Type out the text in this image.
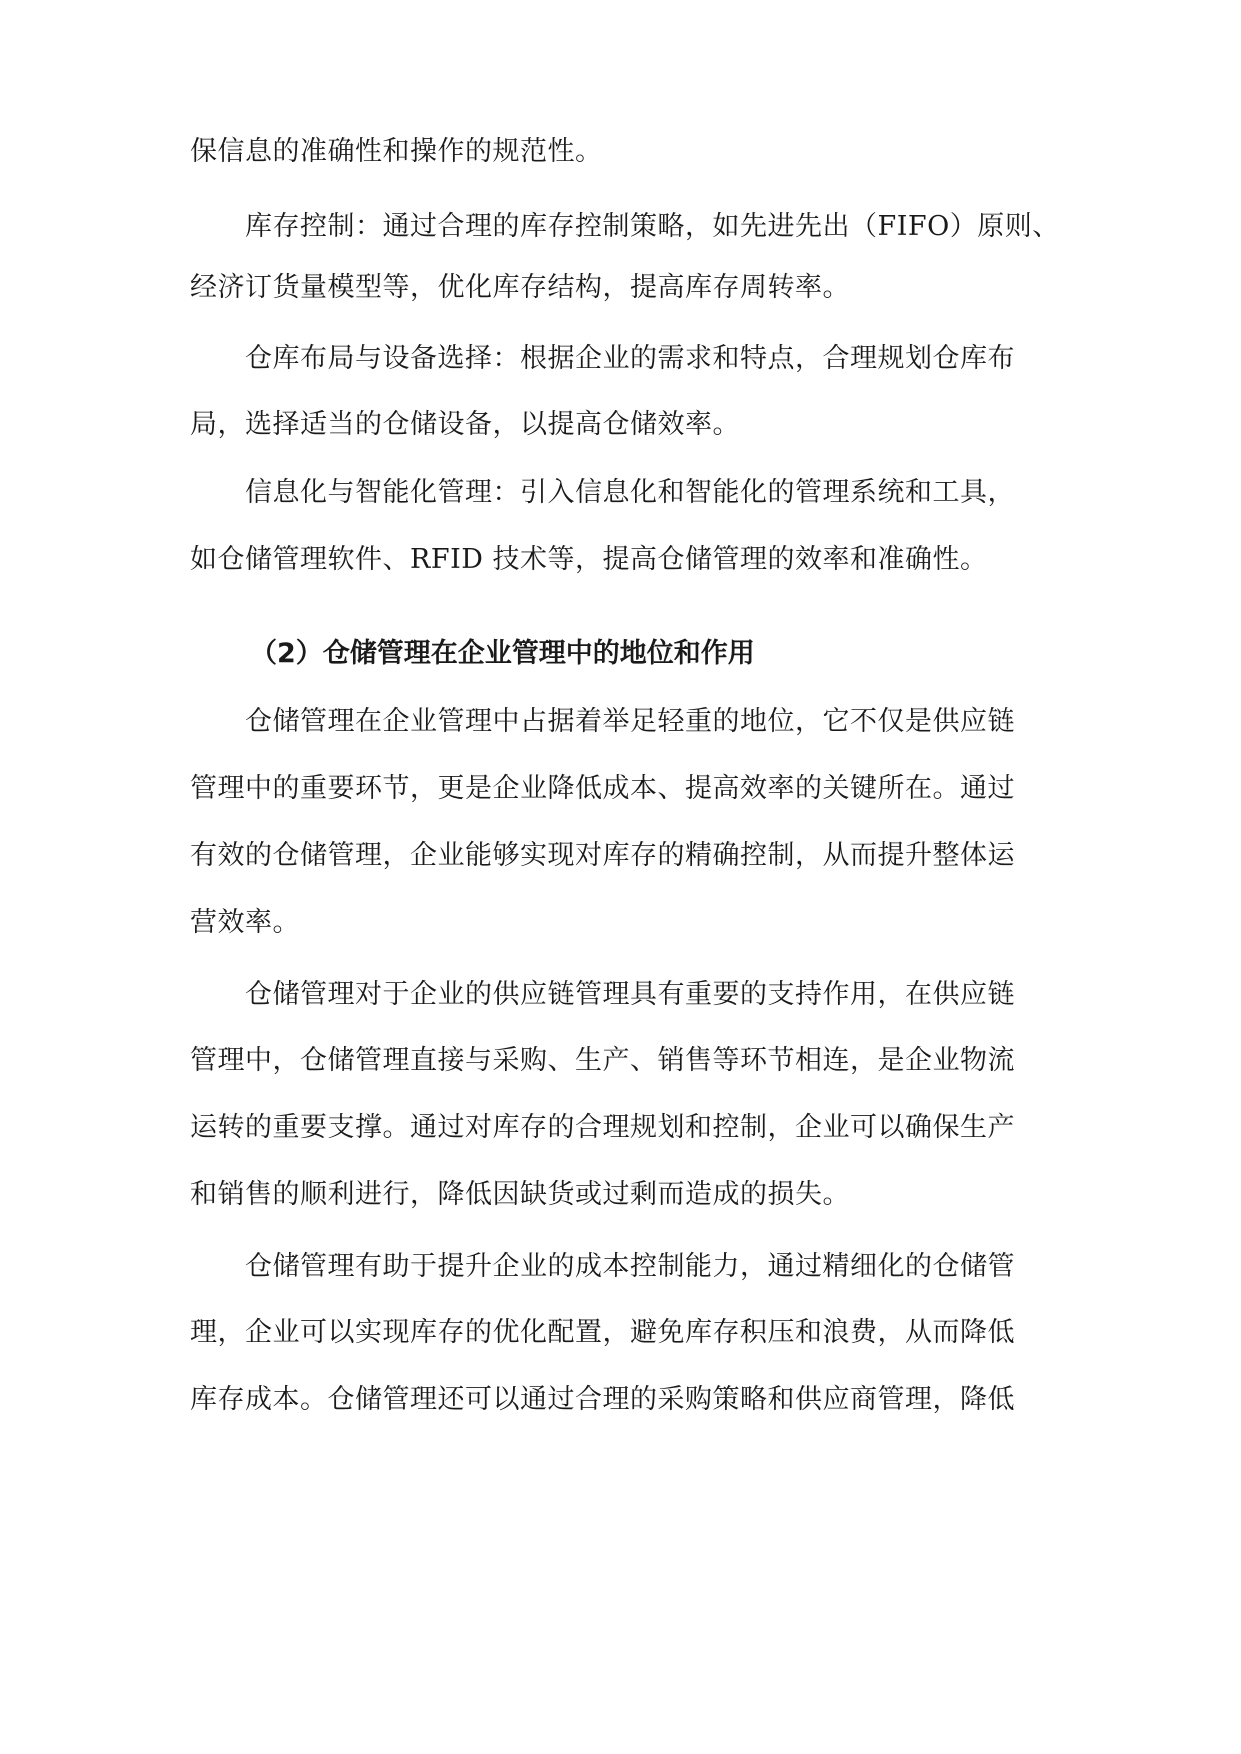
保信息的准确性和操作的规范性。
库存控制：通过合理的库存控制策略，如先进先出（FIFO）原则、
经济订货量模型等，优化库存结构，提高库存周转率。
仓库布局与设备选择：根据企业的需求和特点，合理规划仓库布
局，选择适当的仓储设备，以提高仓储效率。
信息化与智能化管理：引入信息化和智能化的管理系统和工具，
如仓储管理软件、RFID 技术等，提高仓储管理的效率和准确性。
（2）仓储管理在企业管理中的地位和作用
仓储管理在企业管理中占据着举足轻重的地位，它不仅是供应链
管理中的重要环节，更是企业降低成本、提高效率的关键所在。通过
有效的仓储管理，企业能够实现对库存的精确控制，从而提升整体运
营效率。
仓储管理对于企业的供应链管理具有重要的支持作用，在供应链
管理中，仓储管理直接与采购、生产、销售等环节相连，是企业物流
运转的重要支撑。通过对库存的合理规划和控制，企业可以确保生产
和销售的顺利进行，降低因缺货或过剩而造成的损失。
仓储管理有助于提升企业的成本控制能力，通过精细化的仓储管
理，企业可以实现库存的优化配置，避免库存积压和浪费，从而降低
库存成本。仓储管理还可以通过合理的采购策略和供应商管理，降低
